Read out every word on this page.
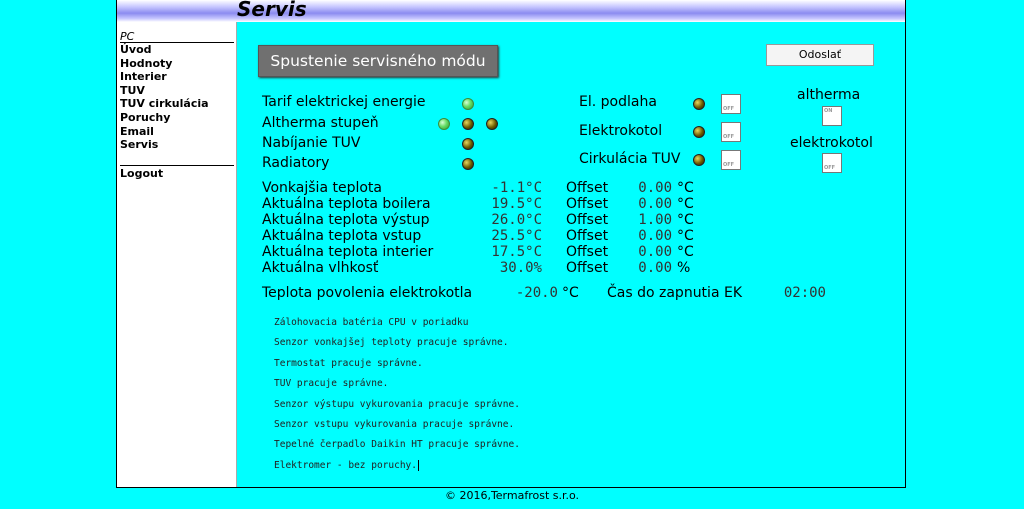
Servis
PC
Úvod
Hodnoty
Interier
TUV
TUV cirkulácia
Poruchy
Email
Servis
Logout
Spustenie servisného módu	Odoslať
Tarif elektrickej energie
Altherma stupeň
Nabíjanie TUV
Radiatory
El. podlaha	OFF
Elektrokotol	OFF
Cirkulácia TUV	OFF
altherma
ON
elektrokotol
OFF
Vonkajšia teplota	-1.1°C Offset	0.00 °C
Aktuálna teplota boilera	19.5°C Offset	0.00 °C
Aktuálna teplota výstup	26.0°C Offset	1.00 °C
Aktuálna teplota vstup	25.5°C Offset	0.00 °C
Aktuálna teplota interier	17.5°C Offset	0.00 °C
Aktuálna vlhkosť	30.0% Offset	0.00 %
Teplota povolenia elektrokotla	-20.0 °C Čas do zapnutia EK	02:00
Zálohovacia batéria CPU v poriadku
Senzor vonkajšej teploty pracuje správne.
Termostat pracuje správne.
TUV pracuje správne.
Senzor výstupu vykurovania pracuje správne.
Senzor vstupu vykurovania pracuje správne.
Tepelné čerpadlo Daikin HT pracuje správne.
Elektromer - bez poruchy.
© 2016,Termafrost s.r.o.
